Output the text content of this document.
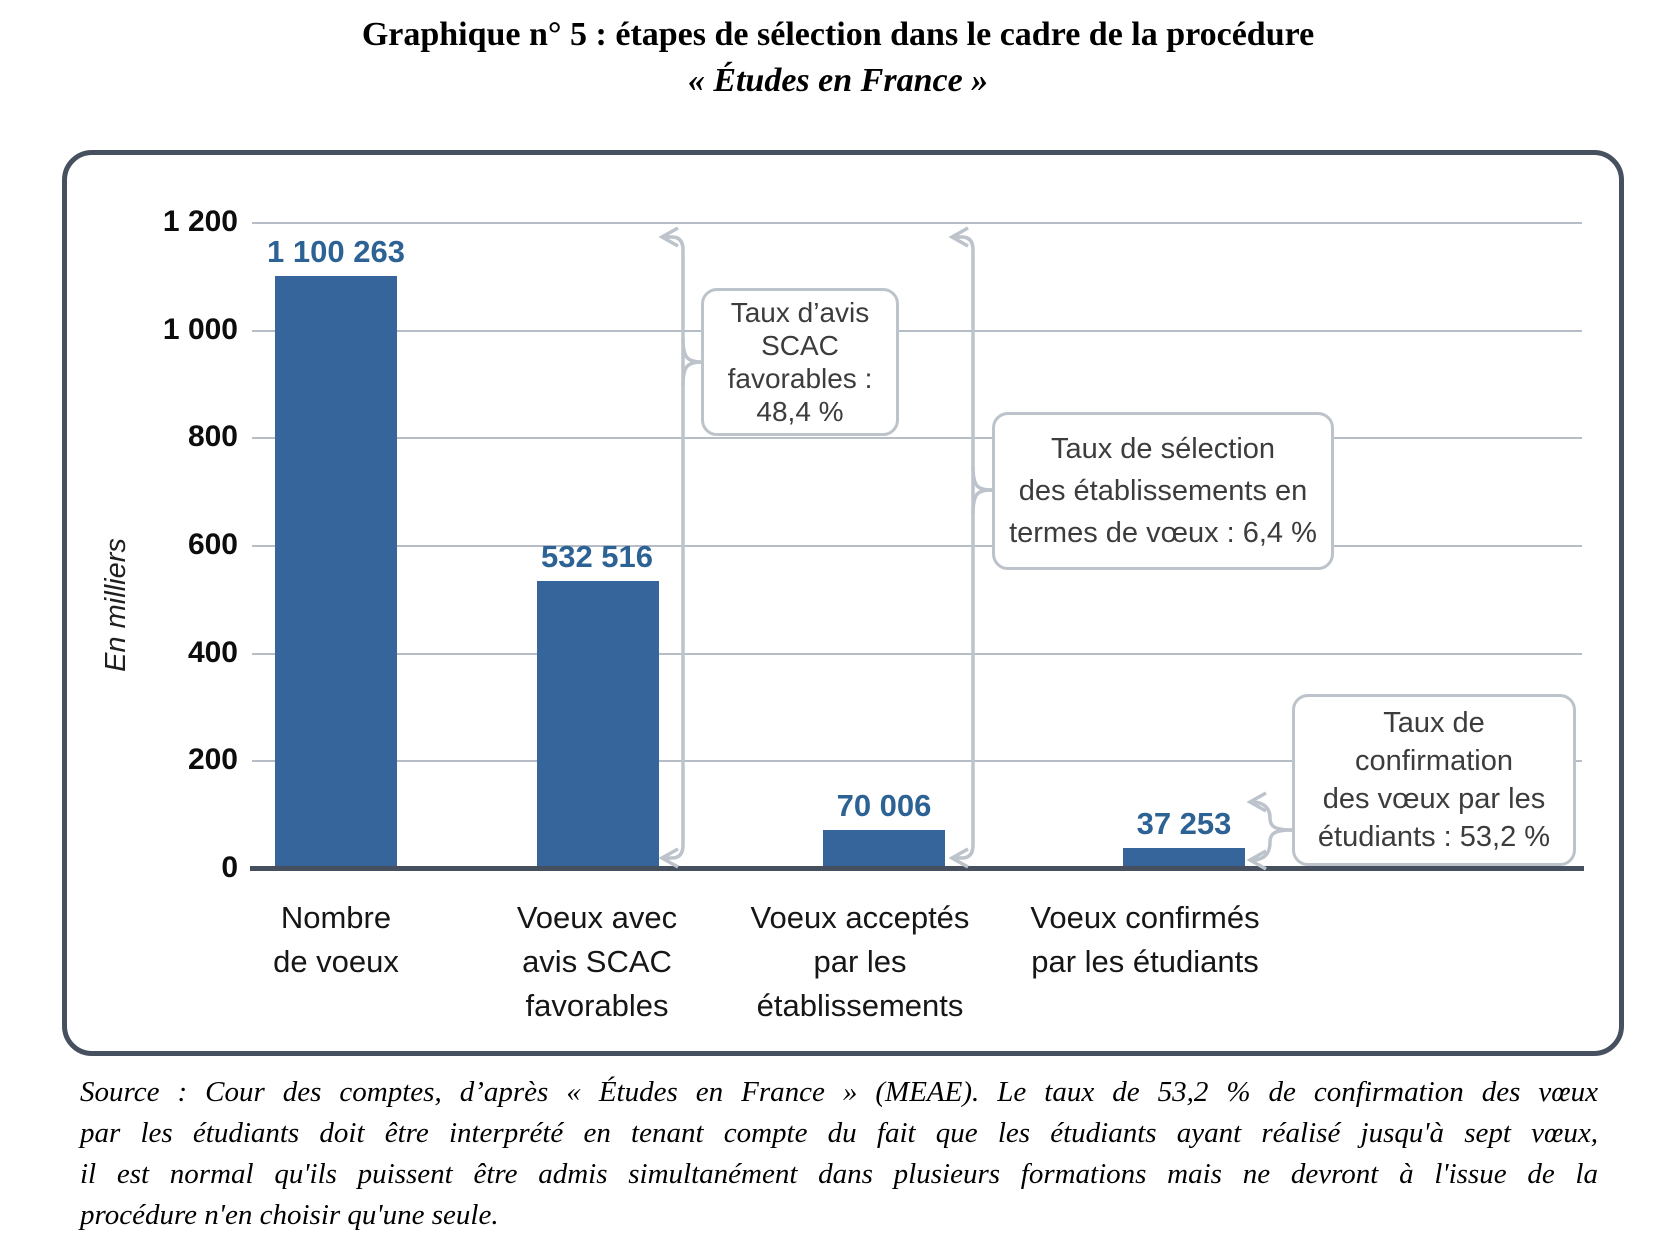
Graphique n° 5 : étapes de sélection dans le cadre de la procédure
« Études en France »
En milliers
1 200
1 000
800
600
400
200
0
1 100 263
532 516
70 006
37 253
Nombre
de voeux
Voeux avec
avis SCAC
favorables
Voeux acceptés
par les
établissements
Voeux confirmés
par les étudiants
Taux d’avis
SCAC
favorables :
48,4 %
Taux de sélection
des établissements en
termes de vœux : 6,4 %
Taux de
confirmation
des vœux par les
étudiants : 53,2 %
Source : Cour des comptes, d’après « Études en France » (MEAE). Le taux de 53,2 % de confirmation des vœux
par les étudiants doit être interprété en tenant compte du fait que les étudiants ayant réalisé jusqu'à sept vœux,
il est normal qu'ils puissent être admis simultanément dans plusieurs formations mais ne devront à l'issue de la
procédure n'en choisir qu'une seule.
